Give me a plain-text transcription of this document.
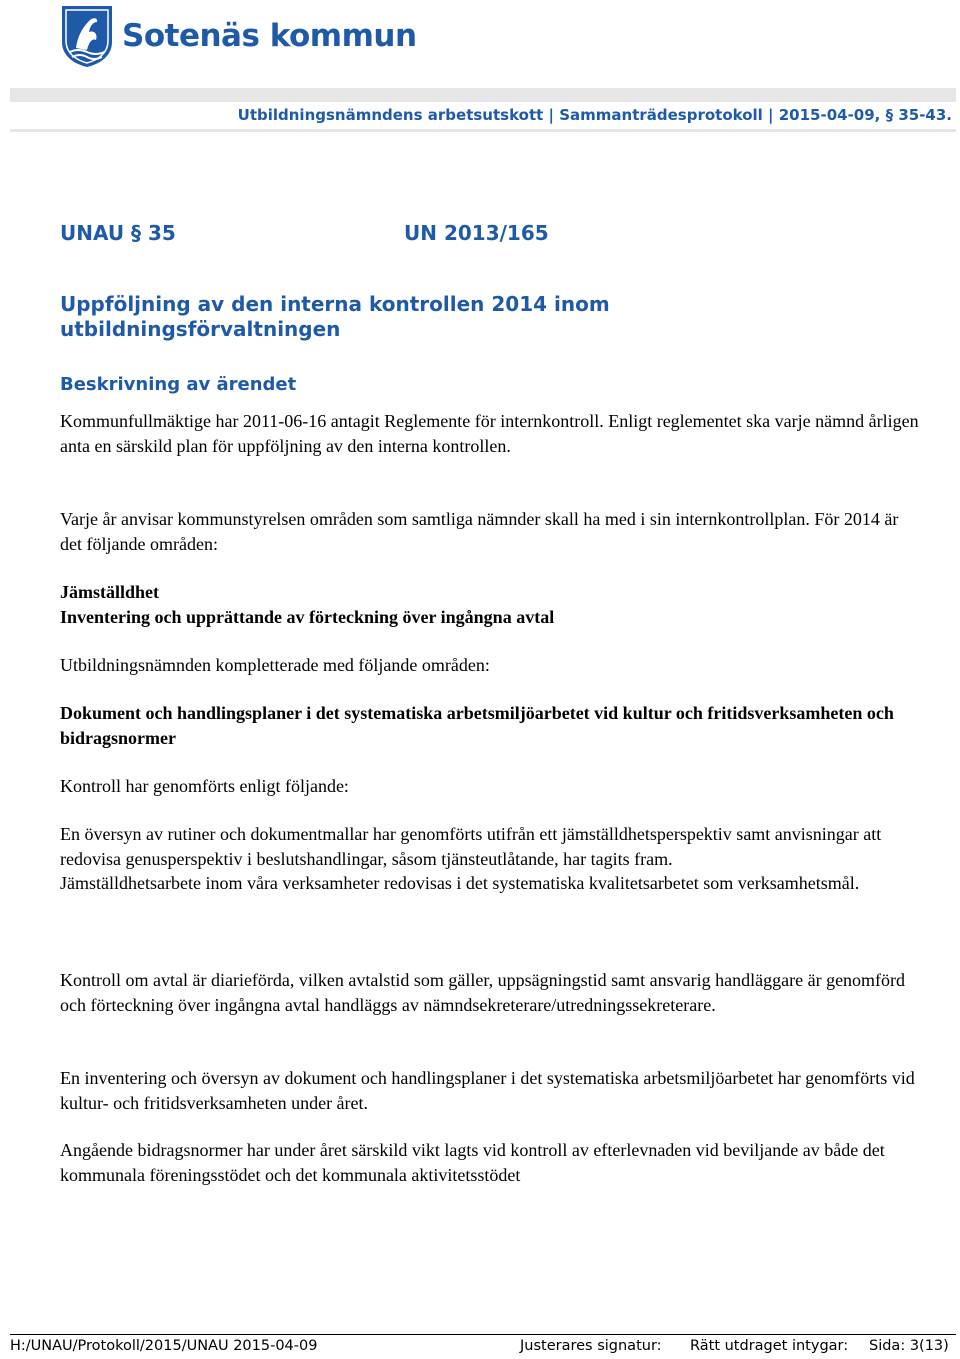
Sotenäs kommun
Utbildningsnämndens arbetsutskott | Sammanträdesprotokoll | 2015-04-09, § 35-43.
UNAU § 35	UN 2013/165
Uppföljning av den interna kontrollen 2014 inom
utbildningsförvaltningen
Beskrivning av ärendet
Kommunfullmäktige har 2011-06-16 antagit Reglemente för internkontroll. Enligt reglementet ska varje nämnd årligen anta en särskild plan för uppföljning av den interna kontrollen.
Varje år anvisar kommunstyrelsen områden som samtliga nämnder skall ha med i sin internkontrollplan. För 2014 är det följande områden:
Jämställdhet
Inventering och upprättande av förteckning över ingångna avtal
Utbildningsnämnden kompletterade med följande områden:
Dokument och handlingsplaner i det systematiska arbetsmiljöarbetet vid kultur och fritidsverksamheten och bidragsnormer
Kontroll har genomförts enligt följande:

En översyn av rutiner och dokumentmallar har genomförts utifrån ett jämställdhetsperspektiv samt anvisningar att redovisa genusperspektiv i beslutshandlingar, såsom tjänsteutlåtande, har tagits fram.

Jämställdhetsarbete inom våra verksamheter redovisas i det systematiska kvalitetsarbetet som verksamhetsmål.

Kontroll om avtal är diarieförda, vilken avtalstid som gäller, uppsägningstid samt ansvarig handläggare är genomförd och förteckning över ingångna avtal handläggs av nämndsekreterare/utredningssekreterare.
En inventering och översyn av dokument och handlingsplaner i det systematiska arbetsmiljöarbetet har genomförts vid kultur- och fritidsverksamheten under året.
Angående bidragsnormer har under året särskild vikt lagts vid kontroll av efterlevnaden vid beviljande av både det kommunala föreningsstödet och det kommunala aktivitetsstödet
H:/UNAU/Protokoll/2015/UNAU 2015-04-09	Justerares signatur: Rätt utdraget intygar: Sida: 3(13)
